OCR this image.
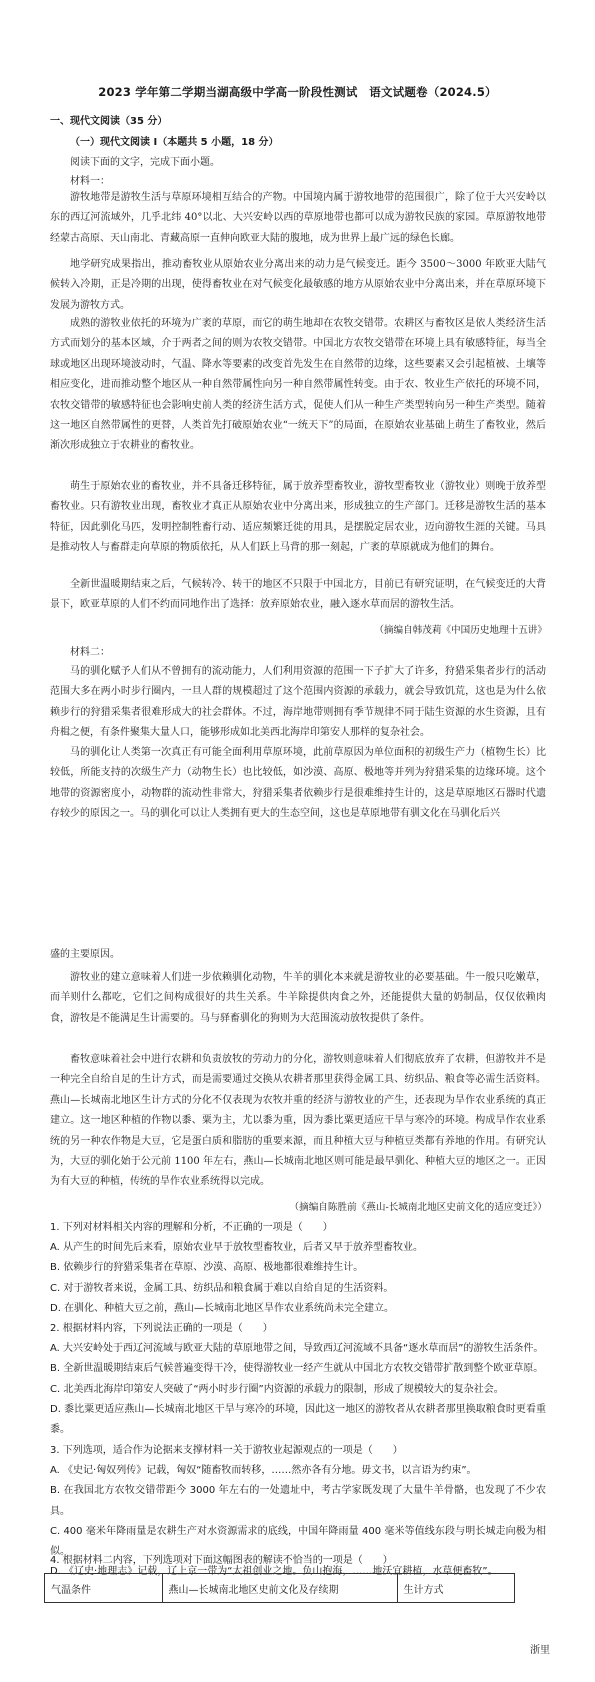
2023 学年第二学期当湖高级中学高一阶段性测试　语文试题卷（2024.5）
一、现代文阅读（35 分）
（一）现代文阅读 I（本题共 5 小题，18 分）
阅读下面的文字，完成下面小题。
材料一：
游牧地带是游牧生活与草原环境相互结合的产物。中国境内属于游牧地带的范围很广，除了位于大兴安岭以东的西辽河流域外，几乎北纬 40°以北、大兴安岭以西的草原地带也都可以成为游牧民族的家园。草原游牧地带经蒙古高原、天山南北、青藏高原一直伸向欧亚大陆的腹地，成为世界上最广远的绿色长廊。
地学研究成果指出，推动畜牧业从原始农业分离出来的动力是气候变迁。距今 3500～3000 年欧亚大陆气候转入冷期，正是冷期的出现，使得畜牧业在对气候变化最敏感的地方从原始农业中分离出来，并在草原环境下发展为游牧方式。
成熟的游牧业依托的环境为广袤的草原，而它的萌生地却在农牧交错带。农耕区与畜牧区是依人类经济生活方式而划分的基本区域，介于两者之间的则为农牧交错带。中国北方农牧交错带在环境上具有敏感特征，每当全球或地区出现环境波动时，气温、降水等要素的改变首先发生在自然带的边缘，这些要素又会引起植被、土壤等相应变化，进而推动整个地区从一种自然带属性向另一种自然带属性转变。由于农、牧业生产依托的环境不同，农牧交错带的敏感特征也会影响史前人类的经济生活方式，促使人们从一种生产类型转向另一种生产类型。随着这一地区自然带属性的更替，人类首先打破原始农业“一统天下”的局面，在原始农业基础上萌生了畜牧业，然后渐次形成独立于农耕业的畜牧业。
萌生于原始农业的畜牧业，并不具备迁移特征，属于放养型畜牧业，游牧型畜牧业（游牧业）则晚于放养型畜牧业。只有游牧业出现，畜牧业才真正从原始农业中分离出来，形成独立的生产部门。迁移是游牧生活的基本特征，因此驯化马匹，发明控制牲畜行动、适应频繁迁徙的用具，是摆脱定居农业，迈向游牧生涯的关键。马具是推动牧人与畜群走向草原的物质依托，从人们跃上马背的那一刻起，广袤的草原就成为他们的舞台。
全新世温暖期结束之后，气候转冷、转干的地区不只限于中国北方，目前已有研究证明，在气候变迁的大背景下，欧亚草原的人们不约而同地作出了选择：放弃原始农业，融入逐水草而居的游牧生活。
（摘编自韩茂莉《中国历史地理十五讲》
材料二：
马的驯化赋予人们从不曾拥有的流动能力，人们利用资源的范围一下子扩大了许多，狩猎采集者步行的活动范围大多在两小时步行圈内，一旦人群的规模超过了这个范围内资源的承载力，就会导致饥荒，这也是为什么依赖步行的狩猎采集者很难形成大的社会群体。不过，海岸地带则拥有季节规律不同于陆生资源的水生资源，且有舟楫之便，有条件聚集大量人口，能够形成如北美西北海岸印第安人那样的复杂社会。
马的驯化让人类第一次真正有可能全面利用草原环境，此前草原因为单位面积的初级生产力（植物生长）比较低，所能支持的次级生产力（动物生长）也比较低，如沙漠、高原、极地等并列为狩猎采集的边缘环境。这个地带的资源密度小，动物群的流动性非常大，狩猎采集者依赖步行是很难维持生计的，这是草原地区石器时代遗存较少的原因之一。马的驯化可以让人类拥有更大的生态空间，这也是草原地带有驯文化在马驯化后兴
盛的主要原因。
游牧业的建立意味着人们进一步依赖驯化动物，牛羊的驯化本来就是游牧业的必要基础。牛一般只吃嫩草，而羊则什么都吃，它们之间构成很好的共生关系。牛羊除提供肉食之外，还能提供大量的奶制品，仅仅依赖肉食，游牧是不能满足生计需要的。马与驿畜驯化的狗则为大范围流动放牧提供了条件。
畜牧意味着社会中进行农耕和负责放牧的劳动力的分化，游牧则意味着人们彻底放弃了农耕，但游牧并不是一种完全自给自足的生计方式，而是需要通过交换从农耕者那里获得金属工具、纺织品、粮食等必需生活资料。燕山—长城南北地区生计方式的分化不仅表现为农牧并重的经济与游牧业的产生，还表现为旱作农业系统的真正建立。这一地区种植的作物以黍、粟为主，尤以黍为重，因为黍比粟更适应干旱与寒冷的环境。构成旱作农业系统的另一种农作物是大豆，它是蛋白质和脂肪的重要来源，而且种植大豆与种植豆类都有养地的作用。有研究认为，大豆的驯化始于公元前 1100 年左右，燕山—长城南北地区则可能是最早驯化、种植大豆的地区之一。正因为有大豆的种植，传统的旱作农业系统得以完成。
（摘编自陈胜前《燕山-长城南北地区史前文化的适应变迁》）

1. 下列对材料相关内容的理解和分析，不正确的一项是（　　）

A. 从产生的时间先后来看，原始农业早于放牧型畜牧业，后者又早于放养型畜牧业。

B. 依赖步行的狩猎采集者在草原、沙漠、高原、极地都很难维持生计。

C. 对于游牧者来说，金属工具、纺织品和粮食属于难以自给自足的生活资料。

D. 在驯化、种植大豆之前，燕山—长城南北地区旱作农业系统尚未完全建立。

2. 根据材料内容，下列说法正确的一项是（　　）

A. 大兴安岭处于西辽河流域与欧亚大陆的草原地带之间，导致西辽河流域不具备“逐水草而居”的游牧生活条件。

B. 全新世温暖期结束后气候普遍变得干冷，使得游牧业一经产生就从中国北方农牧交错带扩散到整个欧亚草原。

C. 北美西北海岸印第安人突破了“两小时步行圈”内资源的承载力的限制，形成了规模较大的复杂社会。

D. 黍比粟更适应燕山—长城南北地区干旱与寒冷的环境，因此这一地区的游牧者从农耕者那里换取粮食时更看重黍。

3. 下列选项，适合作为论据来支撑材料一关于游牧业起源观点的一项是（　　）

A. 《史记·匈奴列传》记载，匈奴“随畜牧而转移，……然亦各有分地。毋文书，以言语为约束”。

B. 在我国北方农牧交错带距今 3000 年左右的一处遗址中，考古学家既发现了大量牛羊骨骼，也发现了不少农具。

C. 400 毫米年降雨量是农耕生产对水资源需求的底线，中国年降雨量 400 毫米等值线东段与明长城走向极为相似。

D. 《辽史·地理志》记载，辽上京一带为“太祖创业之地。负山抱海，……地沃宜耕植，水草便畜牧”。

4. 根据材料二内容，下列选项对下面这幅图表的解读不恰当的一项是（　　）

气温条件	燕山—长城南北地区史前文化及存续期	生计方式
浙里
